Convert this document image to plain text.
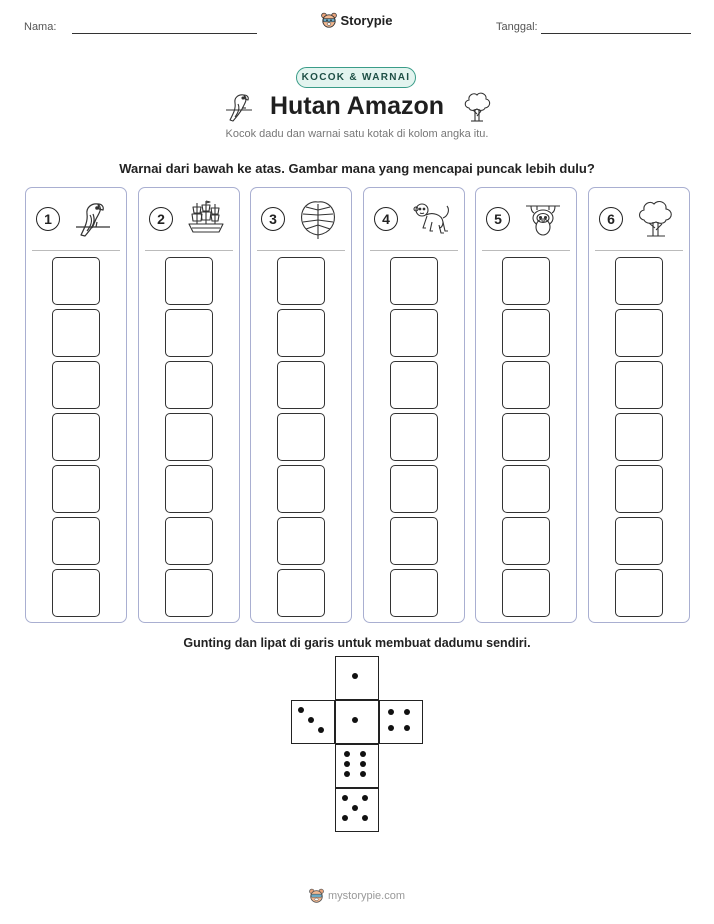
Nama:	Storypie	Tanggal:
KOCOK & WARNAI
Hutan Amazon
Kocok dadu dan warnai satu kotak di kolom angka itu.
Warnai dari bawah ke atas. Gambar mana yang mencapai puncak lebih dulu?
1	2	3	4	5	6
Gunting dan lipat di garis untuk membuat dadumu sendiri.
mystorypie.com
